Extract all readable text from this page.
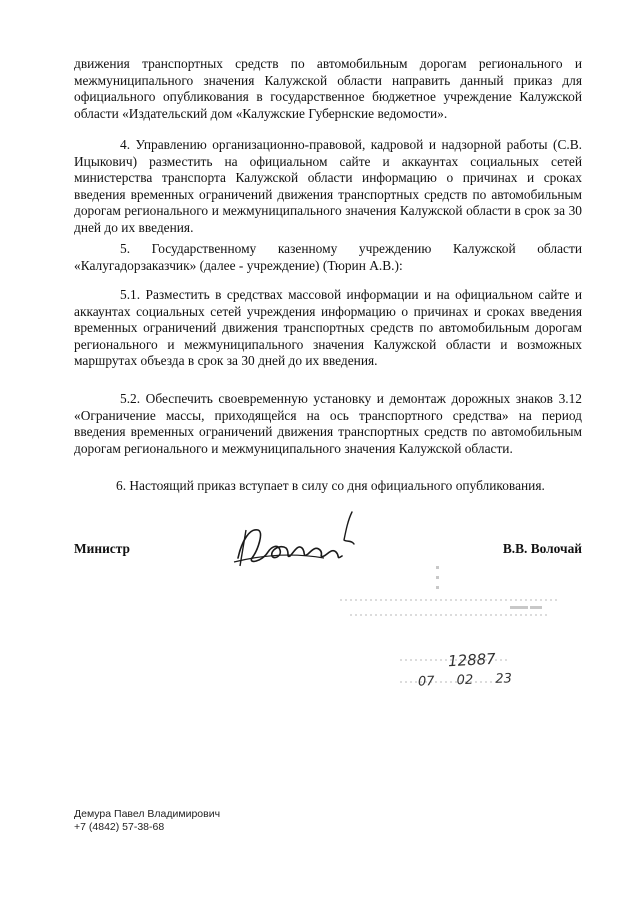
движения транспортных средств по автомобильным дорогам регионального и межмуниципального значения Калужской области направить данный приказ для официального опубликования в государственное бюджетное учреждение Калужской области «Издательский дом «Калужские Губернские ведомости».

4. Управлению организационно-правовой, кадровой и надзорной работы (С.В. Ицыкович) разместить на официальном сайте и аккаунтах социальных сетей министерства транспорта Калужской области информацию о причинах и сроках введения временных ограничений движения транспортных средств по автомобильным дорогам регионального и межмуниципального значения Калужской области в срок за 30 дней до их введения.

5. Государственному казенному учреждению Калужской области «Калугадорзаказчик» (далее - учреждение) (Тюрин А.В.):

5.1. Разместить в средствах массовой информации и на официальном сайте и аккаунтах социальных сетей учреждения информацию о причинах и сроках введения временных ограничений движения транспортных средств по автомобильным дорогам регионального и межмуниципального значения Калужской области и возможных маршрутах объезда в срок за 30 дней до их введения.

5.2. Обеспечить своевременную установку и демонтаж дорожных знаков 3.12 «Ограничение массы, приходящейся на ось транспортного средства» на период введения временных ограничений движения транспортных средств по автомобильным дорогам регионального и межмуниципального значения Калужской области.

6. Настоящий приказ вступает в силу со дня официального опубликования.

Министр	В.В. Волочай
12887
07 02 23
Демура Павел Владимирович
+7 (4842) 57-38-68
